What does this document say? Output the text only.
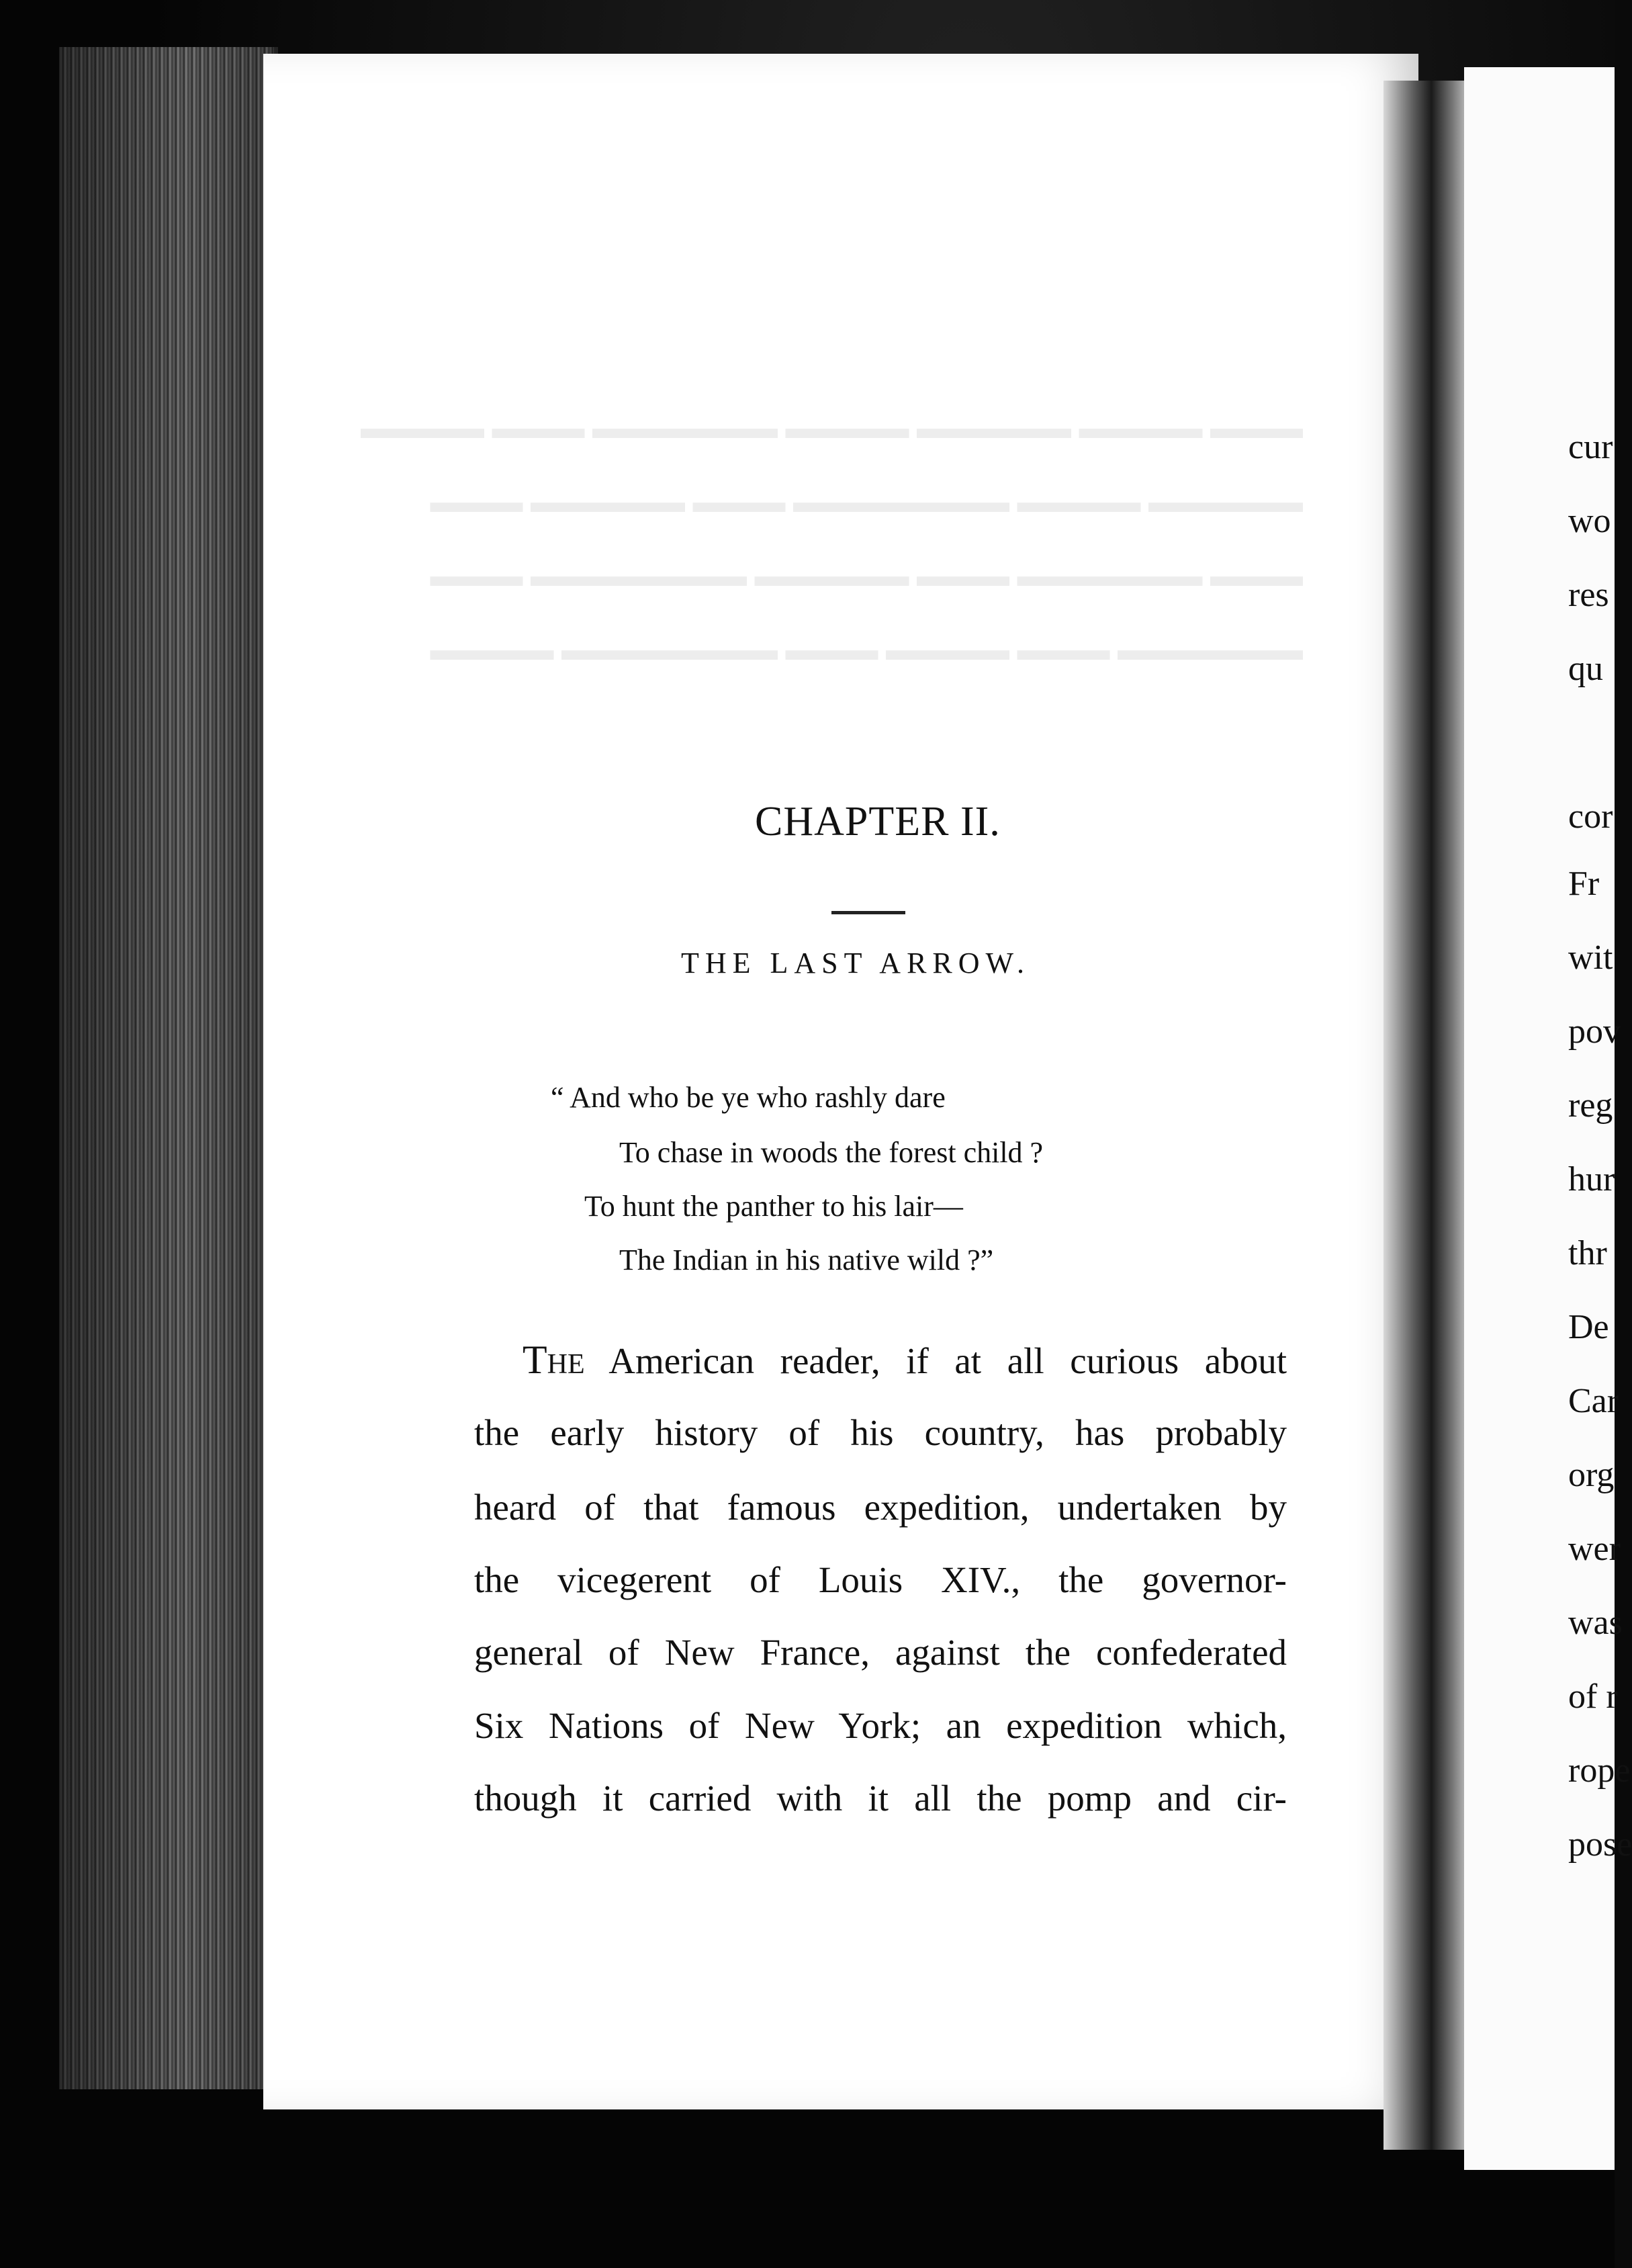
▬▬▬ ▬▬▬▬ ▬▬▬▬▬ ▬▬▬▬ ▬▬▬▬▬▬ ▬▬▬ ▬▬▬▬
▬▬▬▬▬ ▬▬▬▬ ▬▬▬▬▬▬▬ ▬▬▬ ▬▬▬▬▬ ▬▬▬
▬▬▬ ▬▬▬▬▬▬ ▬▬▬ ▬▬▬▬▬ ▬▬▬▬▬▬▬ ▬▬▬
▬▬▬▬▬▬ ▬▬▬ ▬▬▬▬ ▬▬▬ ▬▬▬▬▬▬▬ ▬▬▬▬
CHAPTER II.
THE LAST ARROW.
“ And who be ye who rashly dare
To chase in woods the forest child ?
To hunt the panther to his lair—
The Indian in his native wild ?”
THE American reader, if at all curious about
the early history of his country, has probably
heard of that famous expedition, undertaken by
the vicegerent of Louis XIV., the governor-
general of New France, against the confederated
Six Nations of New York; an expedition which,
though it carried with it all the pomp and cir-
cur
wo
res
qu
cor
Fr
wit
pov
reg
hur
thr
De
Car
org
wer
was
of r
rope
pose
